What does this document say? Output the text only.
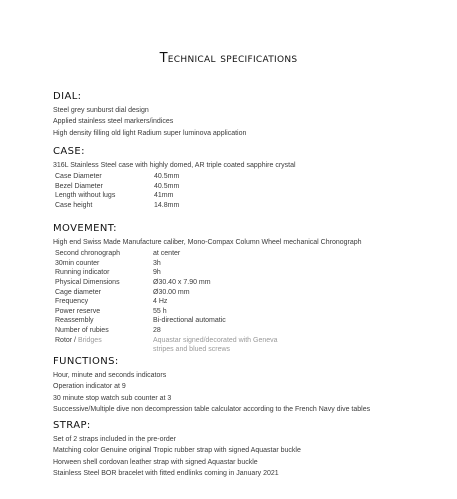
Technical specifications
DIAL:
Steel grey sunburst dial design
Applied stainless steel markers/indices
High density filling old light Radium super luminova application
CASE:
316L Stainless Steel case with highly domed, AR triple coated sapphire crystal
Case Diameter	40.5mm
Bezel Diameter	40.5mm
Length without lugs	41mm
Case height	14.8mm
MOVEMENT:
High end Swiss Made Manufacture caliber, Mono-Compax Column Wheel mechanical Chronograph
Second chronograph	at center
30min counter	3h
Running indicator	9h
Physical Dimensions	Ø30.40 x 7.90 mm
Cage diameter	Ø30.00 mm
Frequency	4 Hz
Power reserve	55 h
Reassembly	Bi-directional automatic
Number of rubies	28
Rotor / Bridges	Aquastar signed/decorated with Geneva
stripes and blued screws
FUNCTIONS:
Hour, minute and seconds indicators
Operation indicator at 9
30 minute stop watch sub counter at 3
Successive/Multiple dive non decompression table calculator according to the French Navy dive tables
STRAP:
Set of 2 straps included in the pre-order
Matching color Genuine original Tropic rubber strap with signed Aquastar buckle
Horween shell cordovan leather strap with signed Aquastar buckle
Stainless Steel BOR bracelet with fitted endlinks coming in January 2021
